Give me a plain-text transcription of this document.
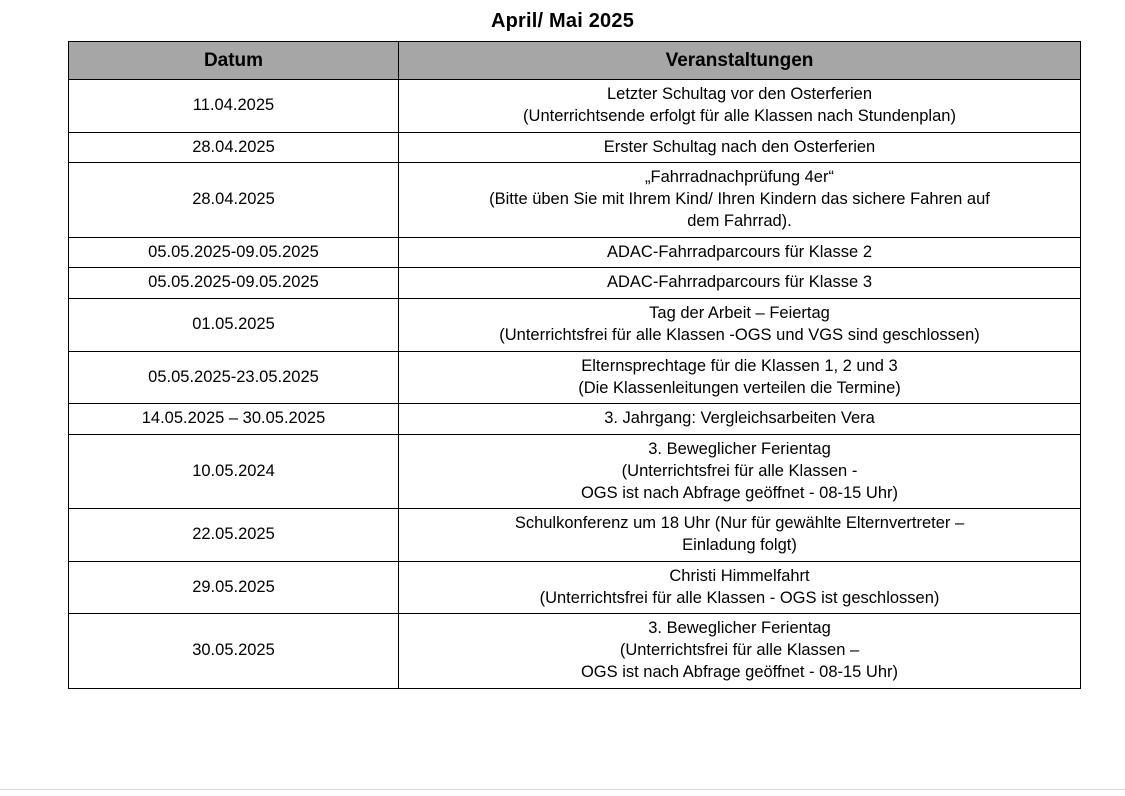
April/ Mai 2025
Datum	Veranstaltungen
11.04.2025	Letzter Schultag vor den Osterferien
(Unterrichtsende erfolgt für alle Klassen nach Stundenplan)

28.04.2025	Erster Schultag nach den Osterferien

28.04.2025	„Fahrradnachprüfung 4er“
(Bitte üben Sie mit Ihrem Kind/ Ihren Kindern das sichere Fahren auf
dem Fahrrad).

05.05.2025-09.05.2025	ADAC-Fahrradparcours für Klasse 2

05.05.2025-09.05.2025	ADAC-Fahrradparcours für Klasse 3

01.05.2025	Tag der Arbeit – Feiertag
(Unterrichtsfrei für alle Klassen -OGS und VGS sind geschlossen)

05.05.2025-23.05.2025	Elternsprechtage für die Klassen 1, 2 und 3
(Die Klassenleitungen verteilen die Termine)

14.05.2025 – 30.05.2025	3. Jahrgang: Vergleichsarbeiten Vera

10.05.2024	3. Beweglicher Ferientag
(Unterrichtsfrei für alle Klassen -
OGS ist nach Abfrage geöffnet - 08-15 Uhr)

22.05.2025	Schulkonferenz um 18 Uhr (Nur für gewählte Elternvertreter –
Einladung folgt)

29.05.2025	Christi Himmelfahrt
(Unterrichtsfrei für alle Klassen - OGS ist geschlossen)

30.05.2025	3. Beweglicher Ferientag
(Unterrichtsfrei für alle Klassen –
OGS ist nach Abfrage geöffnet - 08-15 Uhr)
